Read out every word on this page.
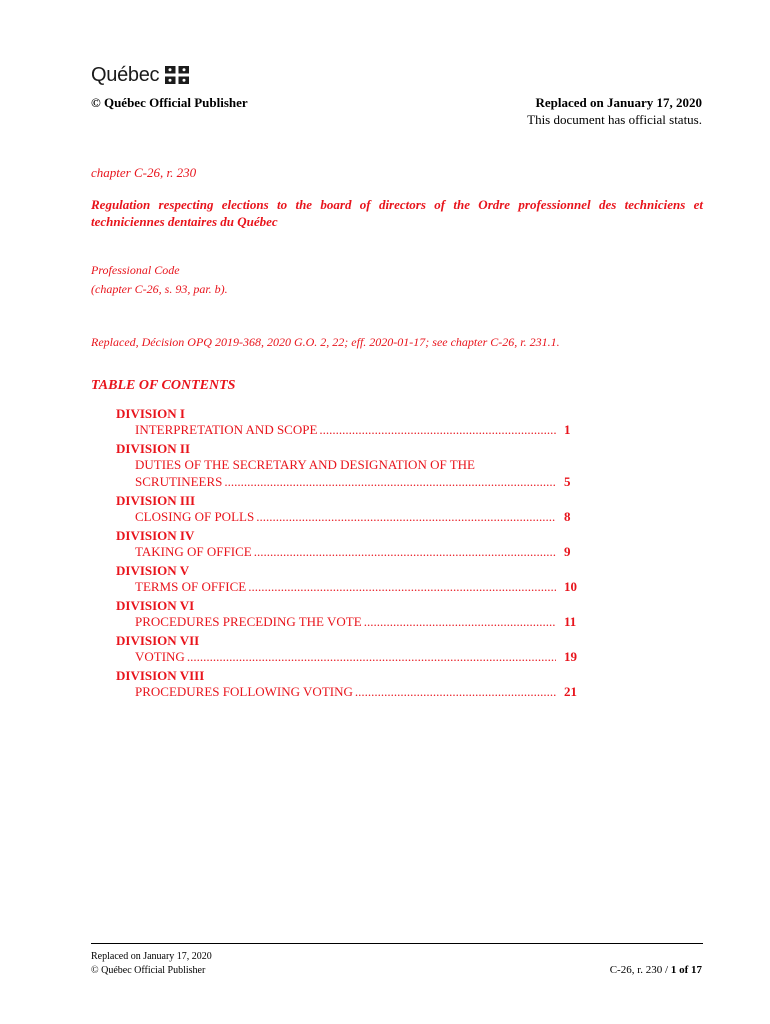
Québec
© Québec Official Publisher	Replaced on January 17, 2020
This document has official status.
chapter C-26, r. 230
Regulation respecting elections to the board of directors of the Ordre professionnel des techniciens et techniciennes dentaires du Québec
Professional Code
(chapter C-26, s. 93, par. b).
Replaced, Décision OPQ 2019-368, 2020 G.O. 2, 22; eff. 2020-01-17; see chapter C-26, r. 231.1.
TABLE OF CONTENTS
DIVISION I
INTERPRETATION AND SCOPE .....	1
DIVISION II
DUTIES OF THE SECRETARY AND DESIGNATION OF THE
SCRUTINEERS .....	5
DIVISION III
CLOSING OF POLLS .....	8
DIVISION IV
TAKING OF OFFICE .....	9
DIVISION V
TERMS OF OFFICE .....	10
DIVISION VI
PROCEDURES PRECEDING THE VOTE .....	11
DIVISION VII
VOTING .....	19
DIVISION VIII
PROCEDURES FOLLOWING VOTING .....	21
Replaced on January 17, 2020
© Québec Official Publisher	C-26, r. 230 / 1 of 17
